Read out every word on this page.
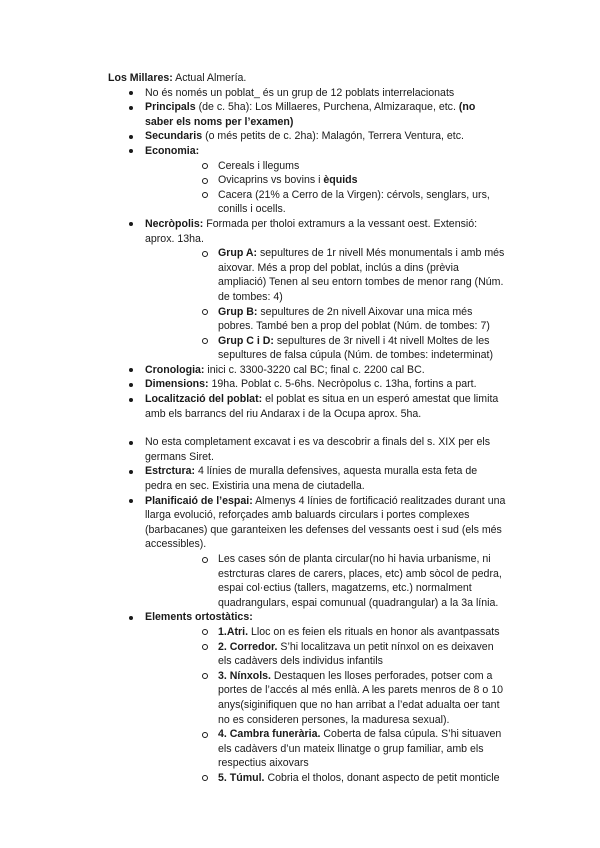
Los Millares: Actual Almería.

No és només un poblat_ és un grup de 12 poblats interrelacionats
Principals (de c. 5ha): Los Millaeres, Purchena, Almizaraque, etc. (no saber els noms per l’examen)
Secundaris (o més petits de c. 2ha): Malagón, Terrera Ventura, etc.
Economia:
Cereals i llegums
Ovicaprins vs bovins i èquids
Cacera (21% a Cerro de la Virgen): cérvols, senglars, urs, conills i ocells.
Necròpolis: Formada per tholoi extramurs a la vessant oest. Extensió: aprox. 13ha.
Grup A: sepultures de 1r nivell Més monumentals i amb més aixovar. Més a prop del poblat, inclús a dins (prèvia ampliació) Tenen al seu entorn tombes de menor rang (Núm. de tombes: 4)
Grup B: sepultures de 2n nivell Aixovar una mica més pobres. També ben a prop del poblat (Núm. de tombes: 7)
Grup C i D: sepultures de 3r nivell i 4t nivell Moltes de les sepultures de falsa cúpula (Núm. de tombes: indeterminat)
Cronologia: inici c. 3300-3220 cal BC; final c. 2200 cal BC.
Dimensions: 19ha. Poblat c. 5-6hs. Necròpolus c. 13ha, fortins a part.
Localització del poblat: el poblat es situa en un esperó amestat que limita amb els barrancs del riu Andarax i de la Ocupa aprox. 5ha.
No esta completament excavat i es va descobrir a finals del s. XIX per els germans Siret.
Estrctura: 4 línies de muralla defensives, aquesta muralla esta feta de pedra en sec. Existiria una mena de ciutadella.
Planificaió de l’espai: Almenys 4 línies de fortificació realitzades durant una llarga evolució, reforçades amb baluards circulars i portes complexes (barbacanes) que garanteixen les defenses del vessants oest i sud (els més accessibles).
Les cases són de planta circular(no hi havia urbanisme, ni estrcturas clares de carers, places, etc) amb sòcol de pedra, espai col·ectius (tallers, magatzems, etc.) normalment quadrangulars, espai comunual (quadrangular) a la 3a línia.
Elements ortostàtics:
1.Atri. Lloc on es feien els rituals en honor als avantpassats
2. Corredor. S’hi localitzava un petit nínxol on es deixaven els cadàvers dels individus infantils
3. Nínxols. Destaquen les lloses perforades, potser com a portes de l’accés al més enllà. A les parets menros de 8 o 10 anys(siginifiquen que no han arribat a l’edat adualta oer tant no es consideren persones, la maduresa sexual).
4. Cambra funerària. Coberta de falsa cúpula. S’hi situaven els cadàvers d’un mateix llinatge o grup familiar, amb els respectius aixovars
5. Túmul. Cobria el tholos, donant aspecto de petit monticle
